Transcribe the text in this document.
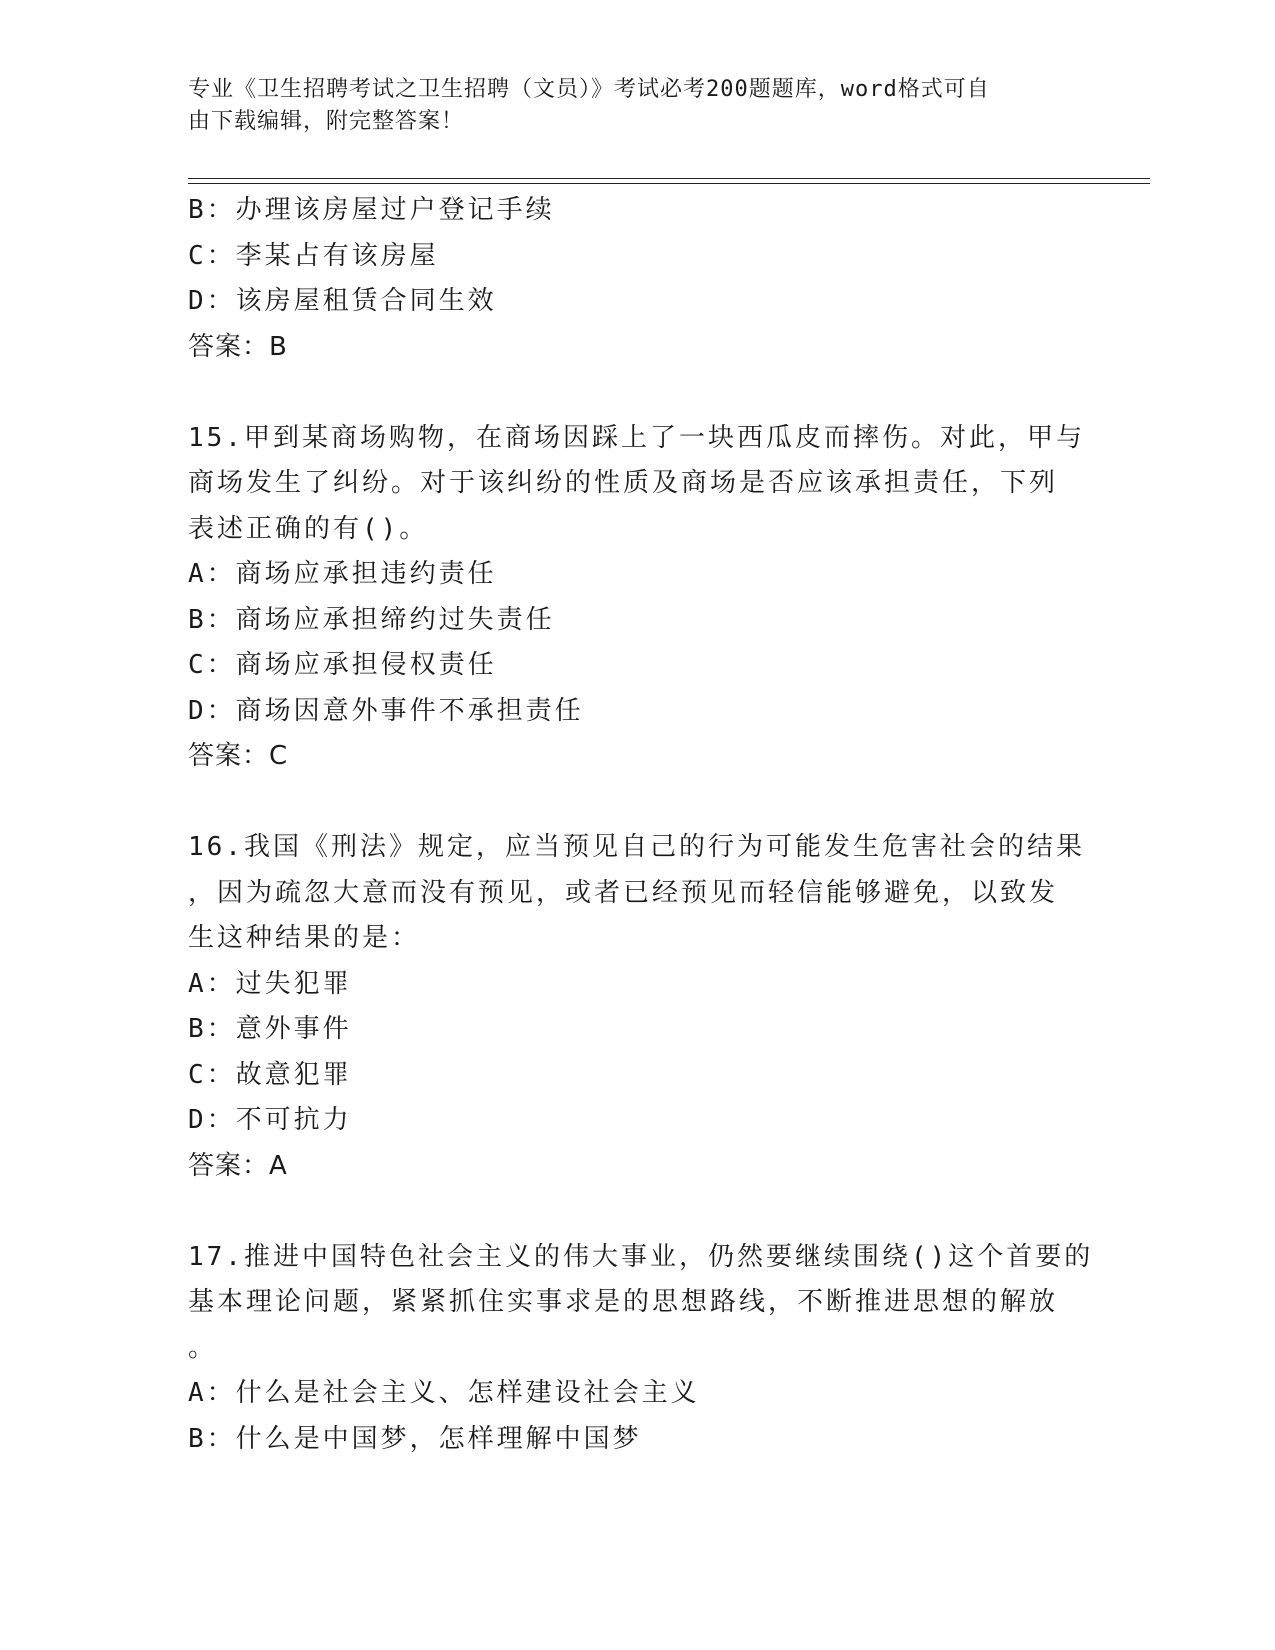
专业《卫生招聘考试之卫生招聘（文员）》考试必考200题题库，word格式可自
由下载编辑，附完整答案！
B：办理该房屋过户登记手续
C：李某占有该房屋
D：该房屋租赁合同生效
答案：B
15.甲到某商场购物，在商场因踩上了一块西瓜皮而摔伤。对此，甲与
商场发生了纠纷。对于该纠纷的性质及商场是否应该承担责任，下列
表述正确的有()。
A：商场应承担违约责任
B：商场应承担缔约过失责任
C：商场应承担侵权责任
D：商场因意外事件不承担责任
答案：C
16.我国《刑法》规定，应当预见自己的行为可能发生危害社会的结果
，因为疏忽大意而没有预见，或者已经预见而轻信能够避免，以致发
生这种结果的是：
A：过失犯罪
B：意外事件
C：故意犯罪
D：不可抗力
答案：A
17.推进中国特色社会主义的伟大事业，仍然要继续围绕()这个首要的
基本理论问题，紧紧抓住实事求是的思想路线，不断推进思想的解放
。
A：什么是社会主义、怎样建设社会主义
B：什么是中国梦，怎样理解中国梦
